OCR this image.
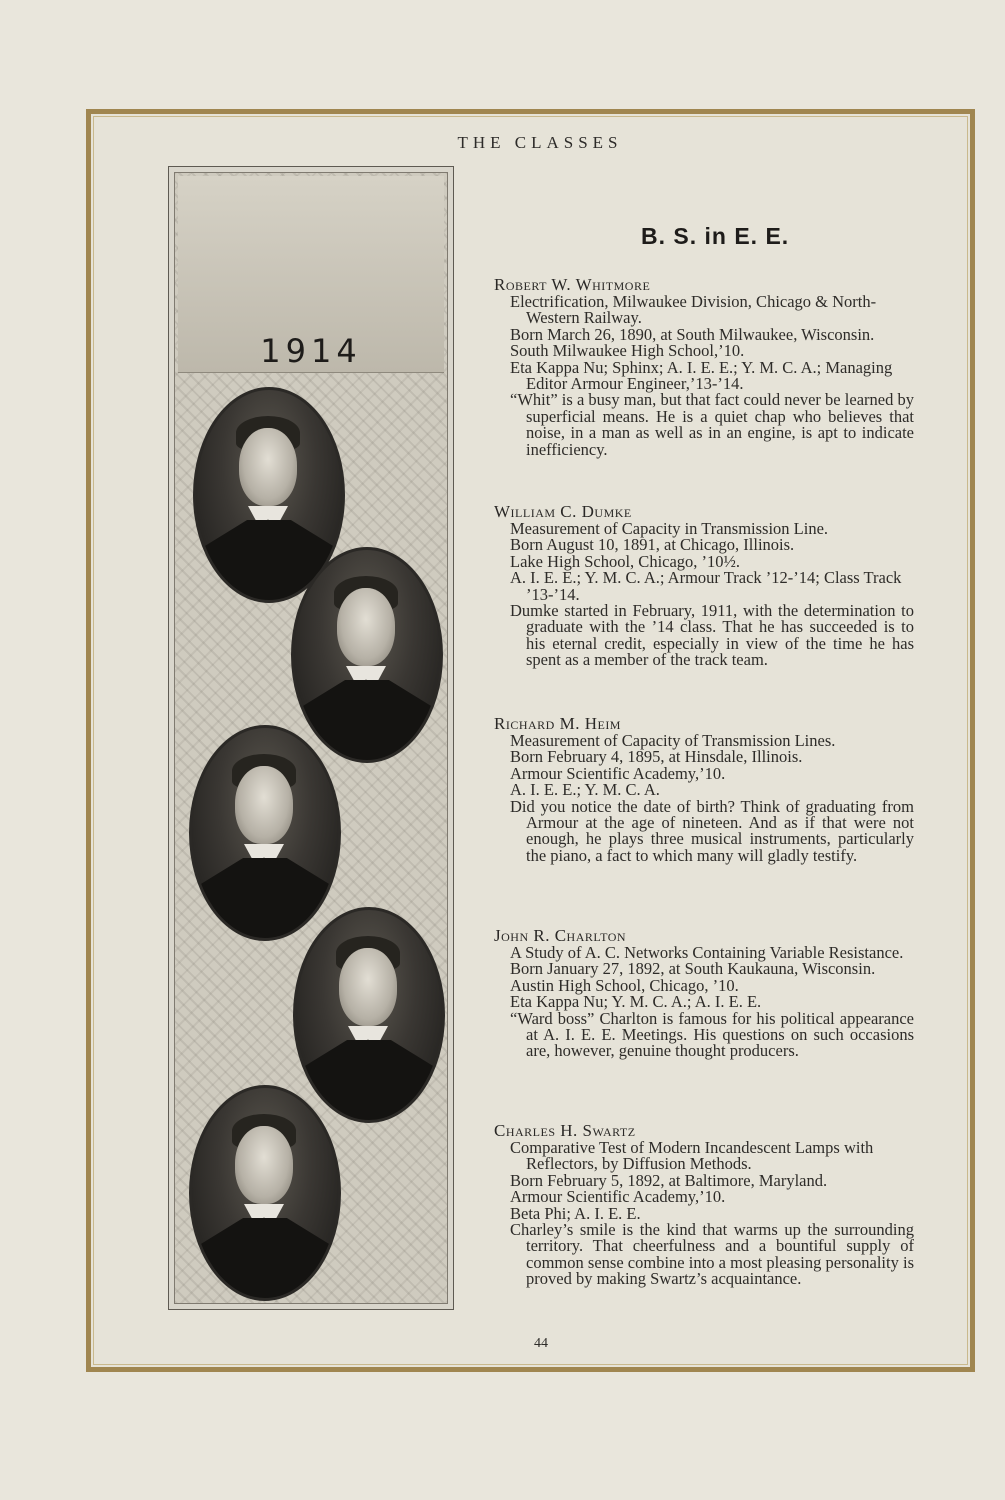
THE CLASSES
1914
B. S. in E. E.
Robert W. Whitmore
Electrification, Milwaukee Division, Chicago & North-Western Railway.
Born March 26, 1890, at South Milwaukee, Wisconsin.
South Milwaukee High School,’10.
Eta Kappa Nu; Sphinx; A. I. E. E.; Y. M. C. A.; Managing Editor Armour Engineer,’13-’14.
“Whit” is a busy man, but that fact could never be learned by superficial means. He is a quiet chap who believes that noise, in a man as well as in an engine, is apt to indicate inefficiency.
William C. Dumke
Measurement of Capacity in Transmission Line.
Born August 10, 1891, at Chicago, Illinois.
Lake High School, Chicago, ’10½.
A. I. E. E.; Y. M. C. A.; Armour Track ’12-’14; Class Track ’13-’14.
Dumke started in February, 1911, with the determination to graduate with the ’14 class. That he has succeeded is to his eternal credit, especially in view of the time he has spent as a member of the track team.
Richard M. Heim
Measurement of Capacity of Transmission Lines.
Born February 4, 1895, at Hinsdale, Illinois.
Armour Scientific Academy,’10.
A. I. E. E.; Y. M. C. A.
Did you notice the date of birth? Think of graduating from Armour at the age of nineteen. And as if that were not enough, he plays three musical instruments, particularly the piano, a fact to which many will gladly testify.
John R. Charlton
A Study of A. C. Networks Containing Variable Resistance.
Born January 27, 1892, at South Kaukauna, Wisconsin.
Austin High School, Chicago, ’10.
Eta Kappa Nu; Y. M. C. A.; A. I. E. E.
“Ward boss” Charlton is famous for his political appearance at A. I. E. E. Meetings. His questions on such occasions are, however, genuine thought producers.
Charles H. Swartz
Comparative Test of Modern Incandescent Lamps with Reflectors, by Diffusion Methods.
Born February 5, 1892, at Baltimore, Maryland.
Armour Scientific Academy,’10.
Beta Phi; A. I. E. E.
Charley’s smile is the kind that warms up the surrounding territory. That cheerfulness and a bountiful supply of common sense combine into a most pleasing personality is proved by making Swartz’s acquaintance.
44
